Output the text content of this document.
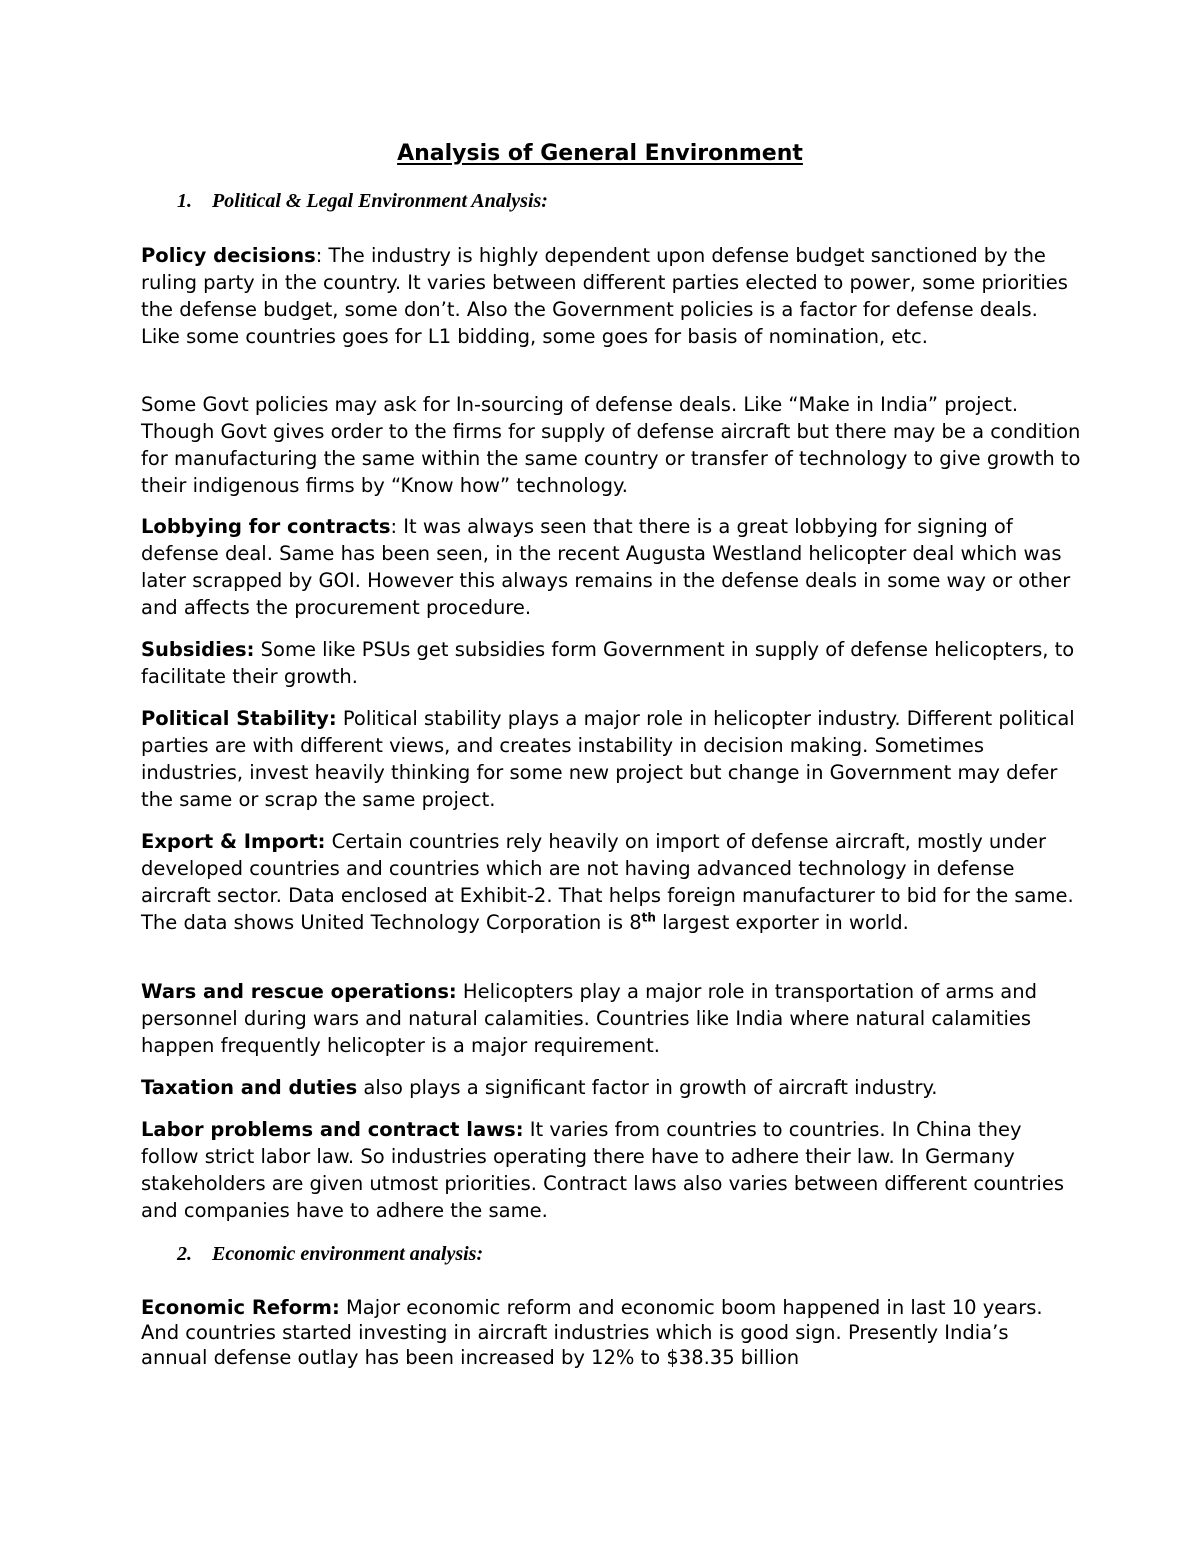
Analysis of General Environment
1. Political & Legal Environment Analysis:

Policy decisions: The industry is highly dependent upon defense budget sanctioned by the ruling party in the country. It varies between different parties elected to power, some priorities the defense budget, some don’t. Also the Government policies is a factor for defense deals. Like some countries goes for L1 bidding, some goes for basis of nomination, etc.

Some Govt policies may ask for In-sourcing of defense deals. Like “Make in India” project. Though Govt gives order to the firms for supply of defense aircraft but there may be a condition for manufacturing the same within the same country or transfer of technology to give growth to their indigenous firms by “Know how” technology.

Lobbying for contracts: It was always seen that there is a great lobbying for signing of defense deal. Same has been seen, in the recent Augusta Westland helicopter deal which was later scrapped by GOI. However this always remains in the defense deals in some way or other and affects the procurement procedure.

Subsidies: Some like PSUs get subsidies form Government in supply of defense helicopters, to facilitate their growth.

Political Stability: Political stability plays a major role in helicopter industry. Different political parties are with different views, and creates instability in decision making. Sometimes industries, invest heavily thinking for some new project but change in Government may defer the same or scrap the same project.

Export & Import: Certain countries rely heavily on import of defense aircraft, mostly under developed countries and countries which are not having advanced technology in defense aircraft sector. Data enclosed at Exhibit-2. That helps foreign manufacturer to bid for the same. The data shows United Technology Corporation is 8th largest exporter in world.

Wars and rescue operations: Helicopters play a major role in transportation of arms and personnel during wars and natural calamities. Countries like India where natural calamities happen frequently helicopter is a major requirement.

Taxation and duties also plays a significant factor in growth of aircraft industry.

Labor problems and contract laws: It varies from countries to countries. In China they follow strict labor law. So industries operating there have to adhere their law. In Germany stakeholders are given utmost priorities. Contract laws also varies between different countries and companies have to adhere the same.

2. Economic environment analysis:

Economic Reform: Major economic reform and economic boom happened in last 10 years. And countries started investing in aircraft industries which is good sign. Presently India’s annual defense outlay has been increased by 12% to $38.35 billion
